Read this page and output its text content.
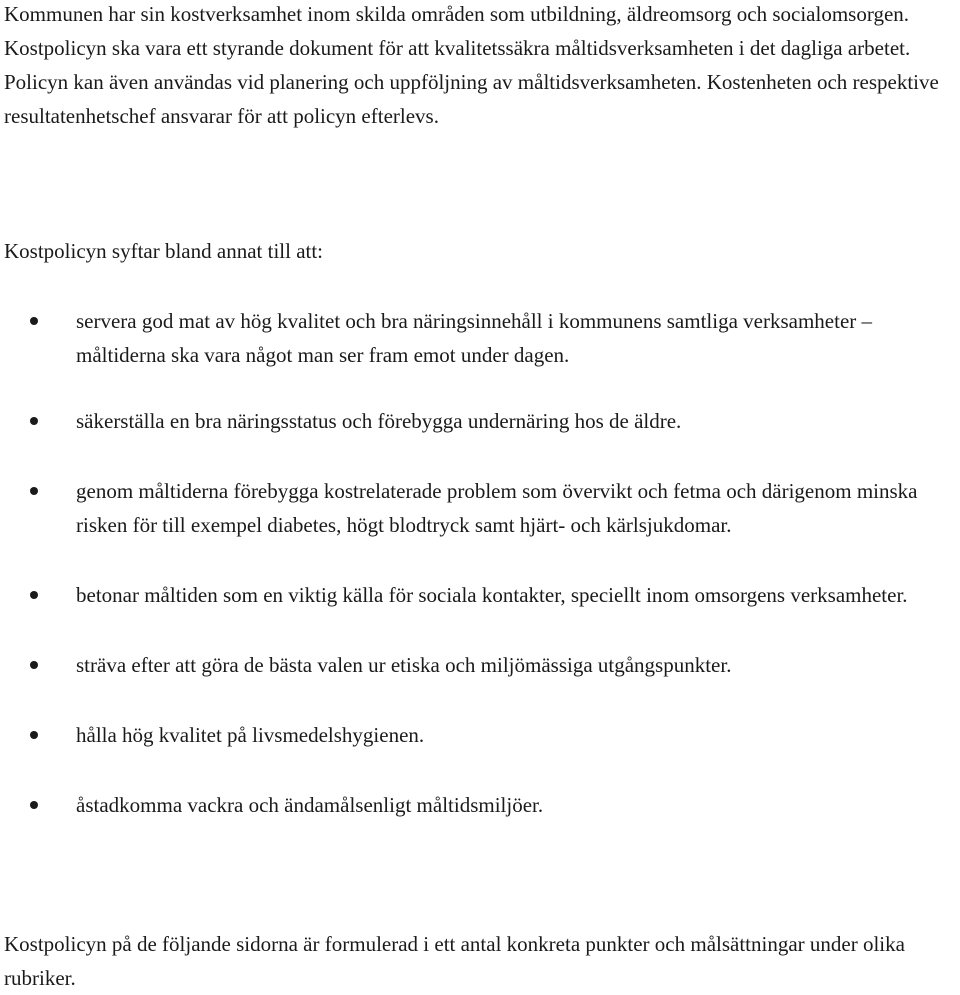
Kommunen har sin kostverksamhet inom skilda områden som utbildning, äldreomsorg och socialomsorgen. Kostpolicyn ska vara ett styrande dokument för att kvalitetssäkra måltidsverksamheten i det dagliga arbetet. Policyn kan även användas vid planering och uppföljning av måltidsverksamheten. Kostenheten och respektive resultatenhetschef ansvarar för att policyn efterlevs.

Kostpolicyn syftar bland annat till att:

servera god mat av hög kvalitet och bra näringsinnehåll i kommunens samtliga verksamheter – måltiderna ska vara något man ser fram emot under dagen.
säkerställa en bra näringsstatus och förebygga undernäring hos de äldre.
genom måltiderna förebygga kostrelaterade problem som övervikt och fetma och därigenom minska risken för till exempel diabetes, högt blodtryck samt hjärt- och kärlsjukdomar.
betonar måltiden som en viktig källa för sociala kontakter, speciellt inom omsorgens verksamheter.
sträva efter att göra de bästa valen ur etiska och miljömässiga utgångspunkter.
hålla hög kvalitet på livsmedelshygienen.
åstadkomma vackra och ändamålsenligt måltidsmiljöer.

Kostpolicyn på de följande sidorna är formulerad i ett antal konkreta punkter och målsättningar under olika rubriker.
